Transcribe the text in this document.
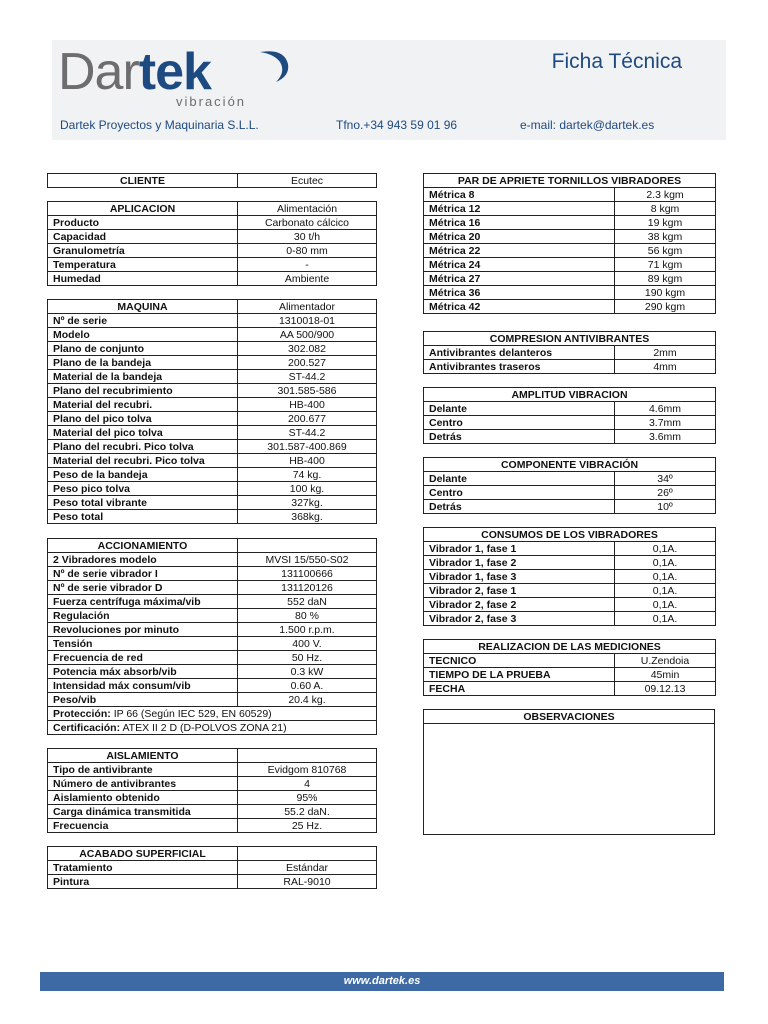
Dartek
vibración
Ficha Técnica
Dartek Proyectos y Maquinaria S.L.L.	Tfno.+34 943 59 01 96	e-mail: dartek@dartek.es
CLIENTE	Ecutec
APLICACION	Alimentación
Producto	Carbonato cálcico
Capacidad	30 t/h
Granulometría	0-80 mm
Temperatura	-
Humedad	Ambiente
MAQUINA	Alimentador
Nº de serie	1310018-01
Modelo	AA 500/900
Plano de conjunto	302.082
Plano de la bandeja	200.527
Material de la bandeja	ST-44.2
Plano del recubrimiento	301.585-586
Material del recubri.	HB-400
Plano del pico tolva	200.677
Material del pico tolva	ST-44.2
Plano del recubri. Pico tolva	301.587-400.869
Material del recubri. Pico tolva	HB-400
Peso de la bandeja	74 kg.
Peso pico tolva	100 kg.
Peso total vibrante	327kg.
Peso total	368kg.
ACCIONAMIENTO	
2 Vibradores modelo	MVSI 15/550-S02
Nº de serie vibrador I	131100666
Nº de serie vibrador D	131120126
Fuerza centrífuga máxima/vib	552 daN
Regulación	80 %
Revoluciones por minuto	1.500 r.p.m.
Tensión	400 V.
Frecuencia de red	50 Hz.
Potencia máx absorb/vib	0.3 kW
Intensidad máx consum/vib	0.60 A.
Peso/vib	20.4 kg.
Protección: IP 66 (Según IEC 529, EN 60529)	
Certificación: ATEX II 2 D (D-POLVOS ZONA 21)	
AISLAMIENTO	
Tipo de antivibrante	Evidgom 810768
Número de antivibrantes	4
Aislamiento obtenido	95%
Carga dinámica transmitida	55.2 daN.
Frecuencia	25 Hz.
ACABADO SUPERFICIAL	
Tratamiento	Estándar
Pintura	RAL-9010
PAR DE APRIETE TORNILLOS VIBRADORES	
Métrica 8	2.3 kgm
Métrica 12	8 kgm
Métrica 16	19 kgm
Métrica 20	38 kgm
Métrica 22	56 kgm
Métrica 24	71 kgm
Métrica 27	89 kgm
Métrica 36	190 kgm
Métrica 42	290 kgm
COMPRESION ANTIVIBRANTES	
Antivibrantes delanteros	2mm
Antivibrantes traseros	4mm
AMPLITUD VIBRACION	
Delante	4.6mm
Centro	3.7mm
Detrás	3.6mm
COMPONENTE VIBRACIÓN	
Delante	34º
Centro	26º
Detrás	10º
CONSUMOS DE LOS VIBRADORES	
Vibrador 1, fase 1	0,1A.
Vibrador 1, fase 2	0,1A.
Vibrador 1, fase 3	0,1A.
Vibrador 2, fase 1	0,1A.
Vibrador 2, fase 2	0,1A.
Vibrador 2, fase 3	0,1A.
REALIZACION DE LAS MEDICIONES	
TECNICO	U.Zendoia
TIEMPO DE LA PRUEBA	45min
FECHA	09.12.13
OBSERVACIONES
www.dartek.es
